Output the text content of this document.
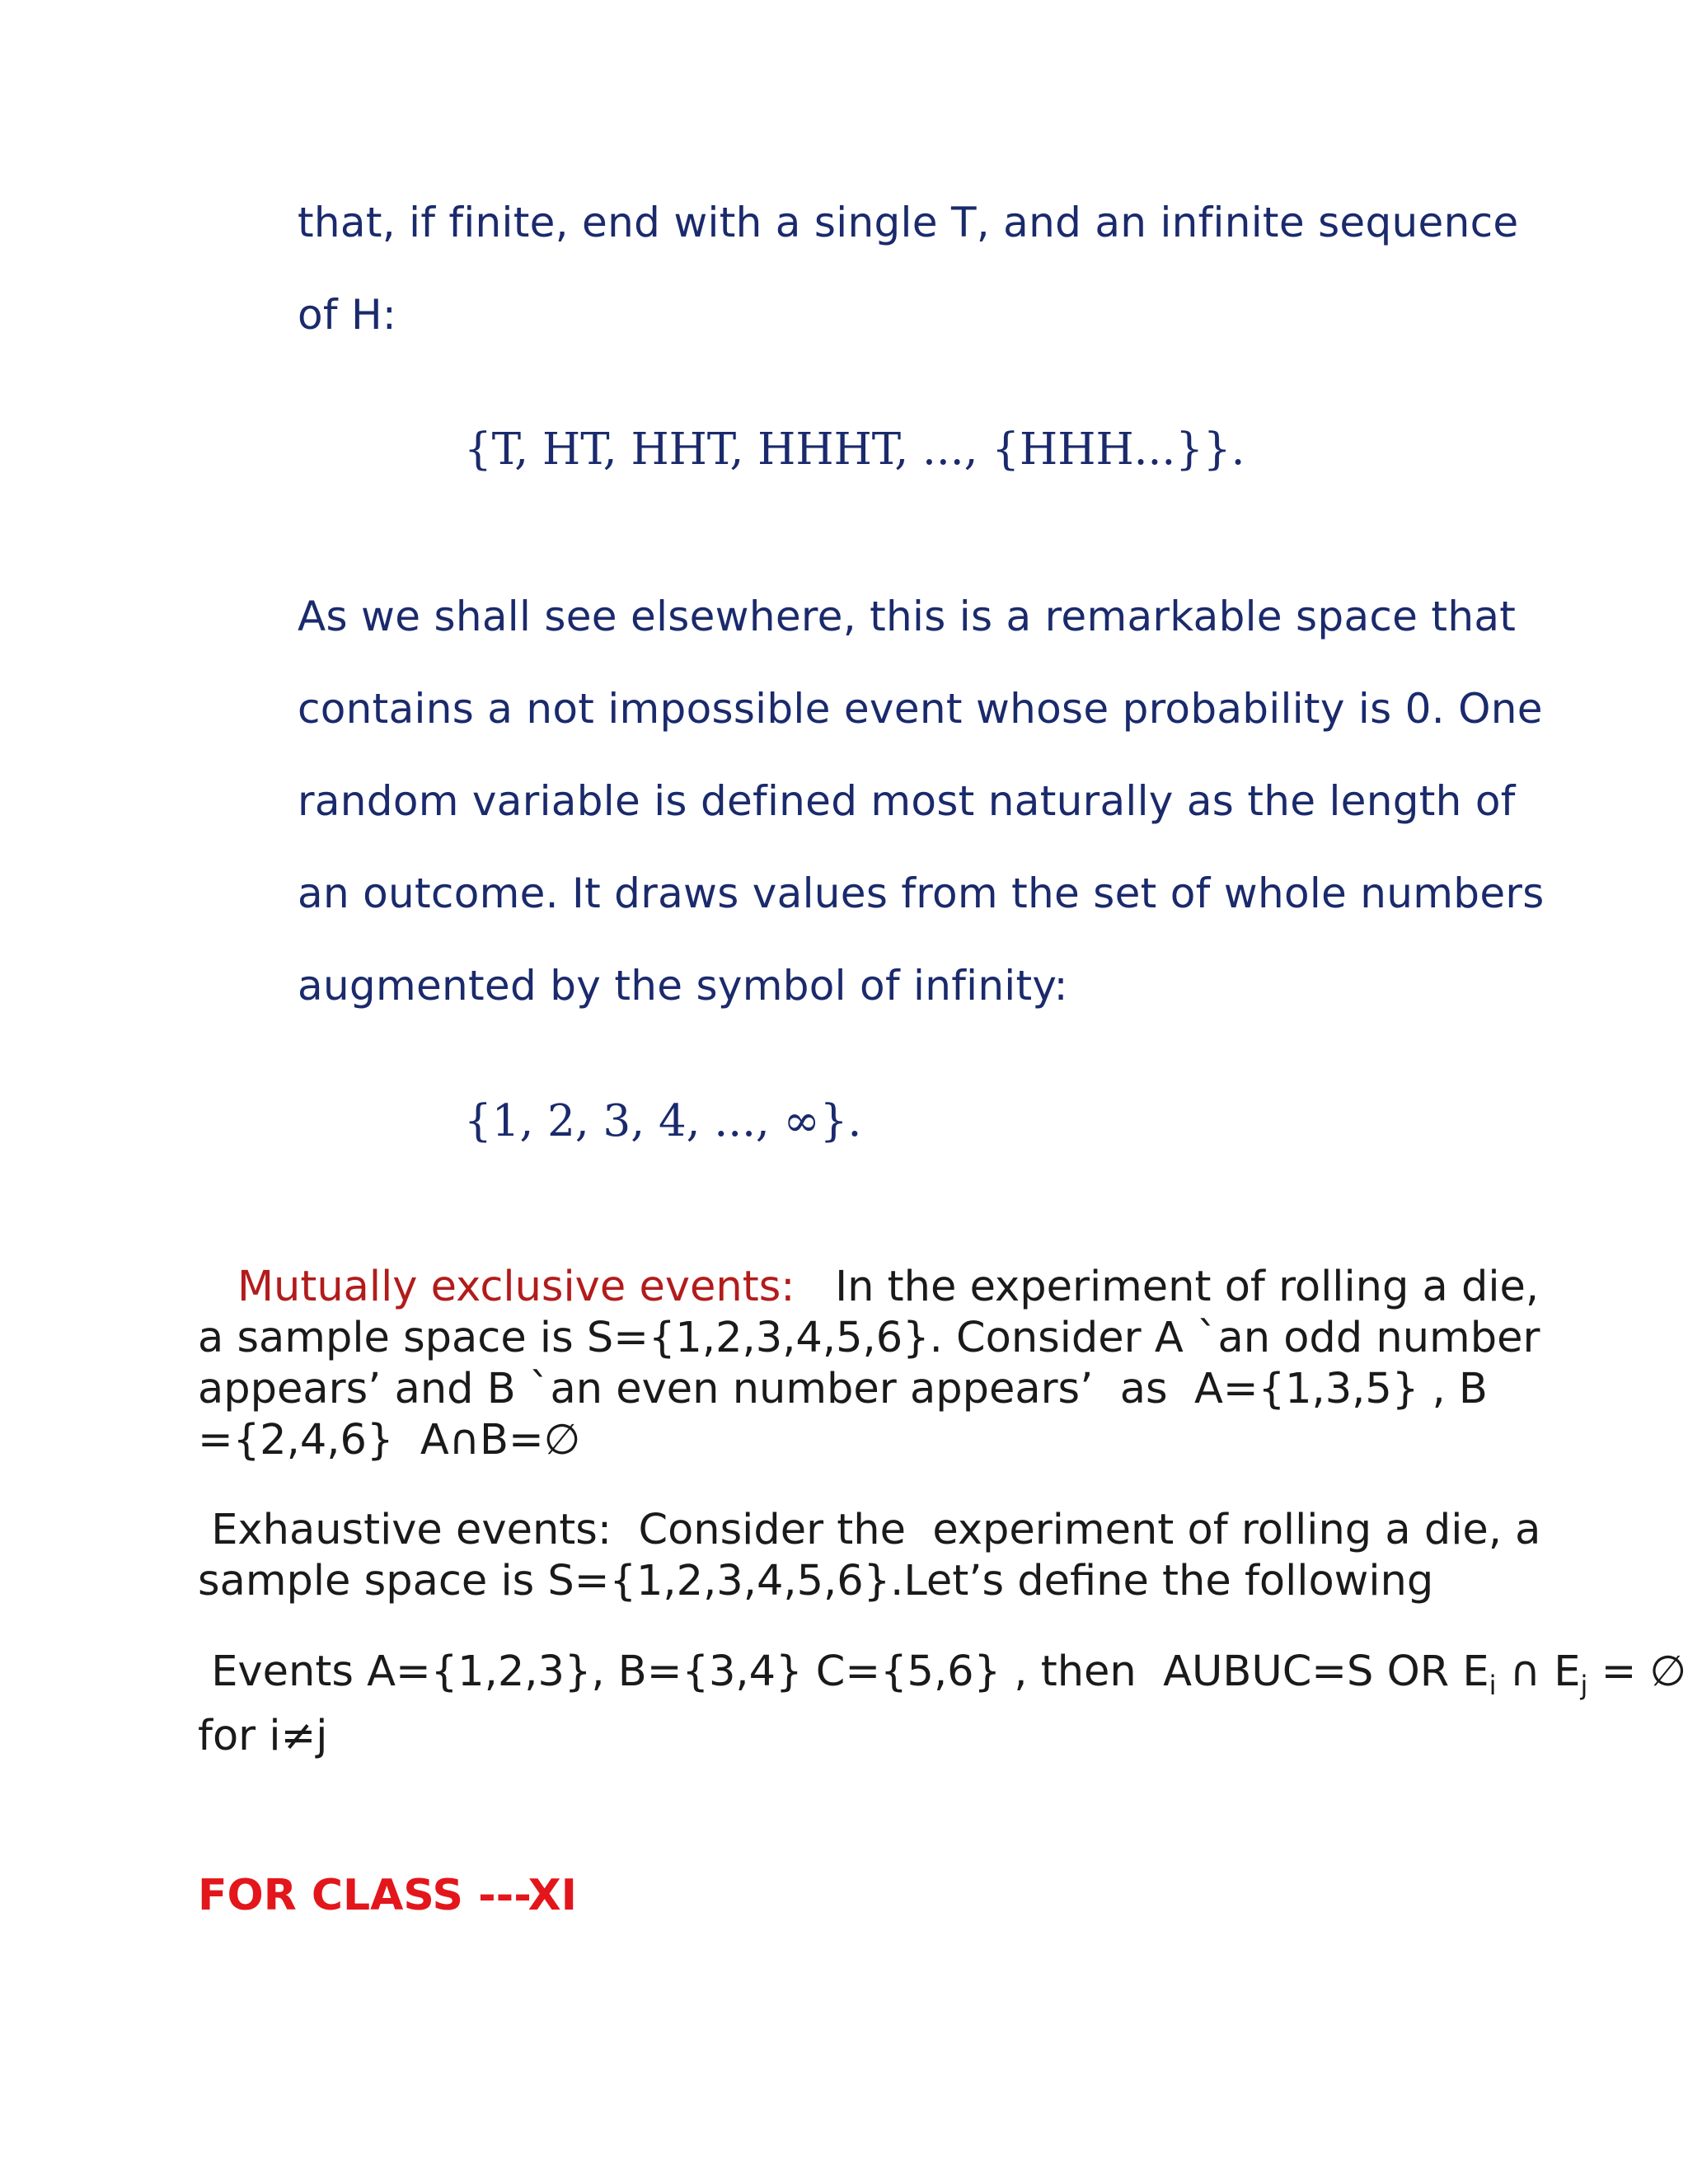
that, if finite, end with a single T, and an infinite sequence
of H:
{T, HT, HHT, HHHT, ..., {HHH...}}.
As we shall see elsewhere, this is a remarkable space that
contains a not impossible event whose probability is 0. One
random variable is defined most naturally as the length of
an outcome. It draws values from the set of whole numbers
augmented by the symbol of infinity:
{1, 2, 3, 4, ..., ∞}.
Mutually exclusive events:   In the experiment of rolling a die,
a sample space is S={1,2,3,4,5,6}. Consider A `an odd number
appears’ and B `an even number appears’  as  A={1,3,5} , B
={2,4,6}  A∩B=∅
Exhaustive events:  Consider the  experiment of rolling a die, a
sample space is S={1,2,3,4,5,6}.Let’s define the following
Events A={1,2,3}, B={3,4} C={5,6} , then  AUBUC=S OR $E_i$ ∩ $E_j$ = ∅
for i≠j
FOR CLASS ---XI
